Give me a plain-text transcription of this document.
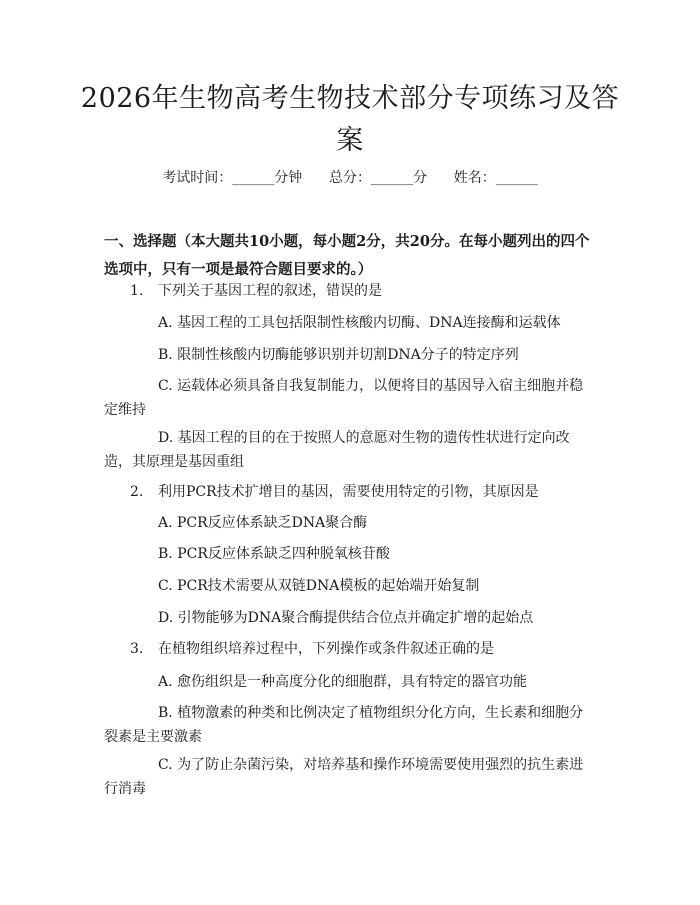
2026年生物高考生物技术部分专项练习及答案
考试时间：______分钟 总分：______分 姓名：______
一、选择题（本大题共10小题，每小题2分，共20分。在每小题列出的四个选项中，只有一项是最符合题目要求的。）
1. 下列关于基因工程的叙述，错误的是
A. 基因工程的工具包括限制性核酸内切酶、DNA连接酶和运载体
B. 限制性核酸内切酶能够识别并切割DNA分子的特定序列
C. 运载体必须具备自我复制能力，以便将目的基因导入宿主细胞并稳定维持
D. 基因工程的目的在于按照人的意愿对生物的遗传性状进行定向改造，其原理是基因重组
2. 利用PCR技术扩增目的基因，需要使用特定的引物，其原因是
A. PCR反应体系缺乏DNA聚合酶
B. PCR反应体系缺乏四种脱氧核苷酸
C. PCR技术需要从双链DNA模板的起始端开始复制
D. 引物能够为DNA聚合酶提供结合位点并确定扩增的起始点
3. 在植物组织培养过程中，下列操作或条件叙述正确的是
A. 愈伤组织是一种高度分化的细胞群，具有特定的器官功能
B. 植物激素的种类和比例决定了植物组织分化方向，生长素和细胞分裂素是主要激素
C. 为了防止杂菌污染，对培养基和操作环境需要使用强烈的抗生素进行消毒
